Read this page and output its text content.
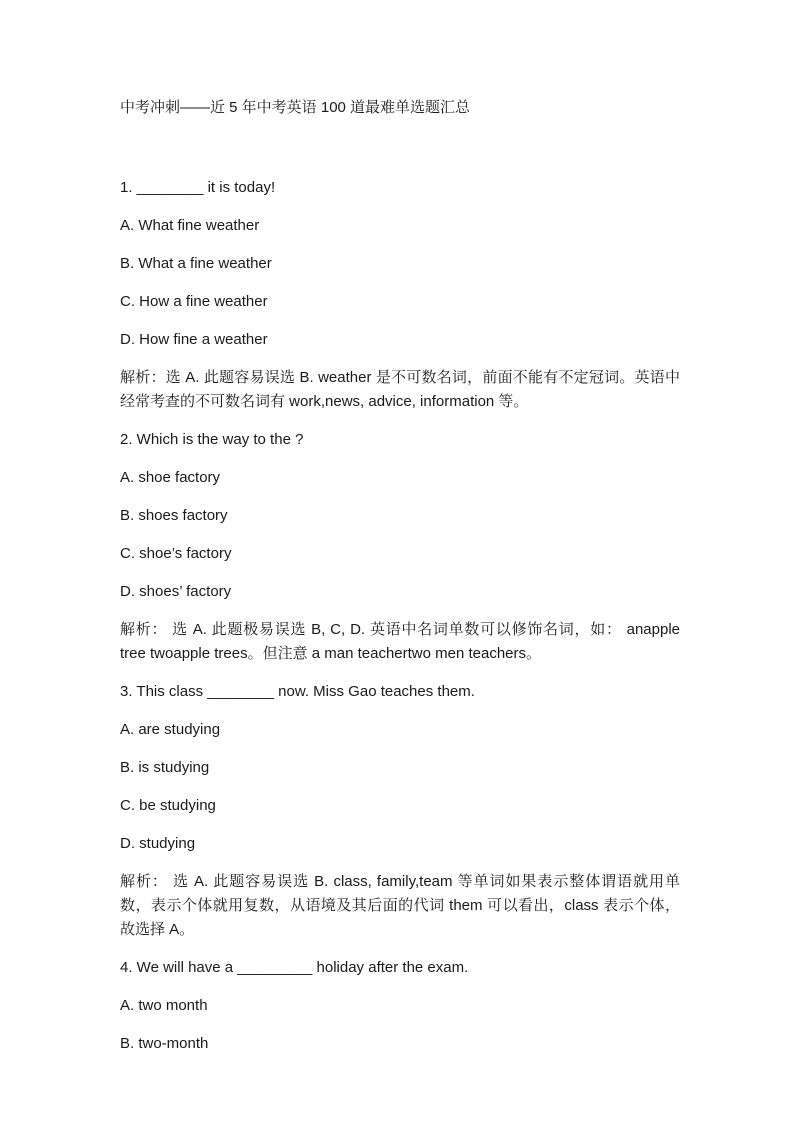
中考冲刺——近 5 年中考英语 100 道最难单选题汇总

1. ________ it is today!

A. What fine weather

B. What a fine weather

C. How a fine weather

D. How fine a weather

解析：选 A. 此题容易误选 B. weather 是不可数名词，前面不能有不定冠词。英语中经常考查的不可数名词有 work,news, advice, information 等。

2. Which is the way to the ?

A. shoe factory

B. shoes factory

C. shoe’s factory

D. shoes’ factory

解析： 选 A. 此题极易误选 B, C, D. 英语中名词单数可以修饰名词，如： anapple tree twoapple trees。但注意 a man teachertwo men teachers。

3. This class ________ now. Miss Gao teaches them.

A. are studying

B. is studying

C. be studying

D. studying

解析： 选 A. 此题容易误选 B. class, family,team 等单词如果表示整体谓语就用单数，表示个体就用复数，从语境及其后面的代词 them 可以看出，class 表示个体，故选择 A。

4. We will have a _________ holiday after the exam.

A. two month

B. two-month
